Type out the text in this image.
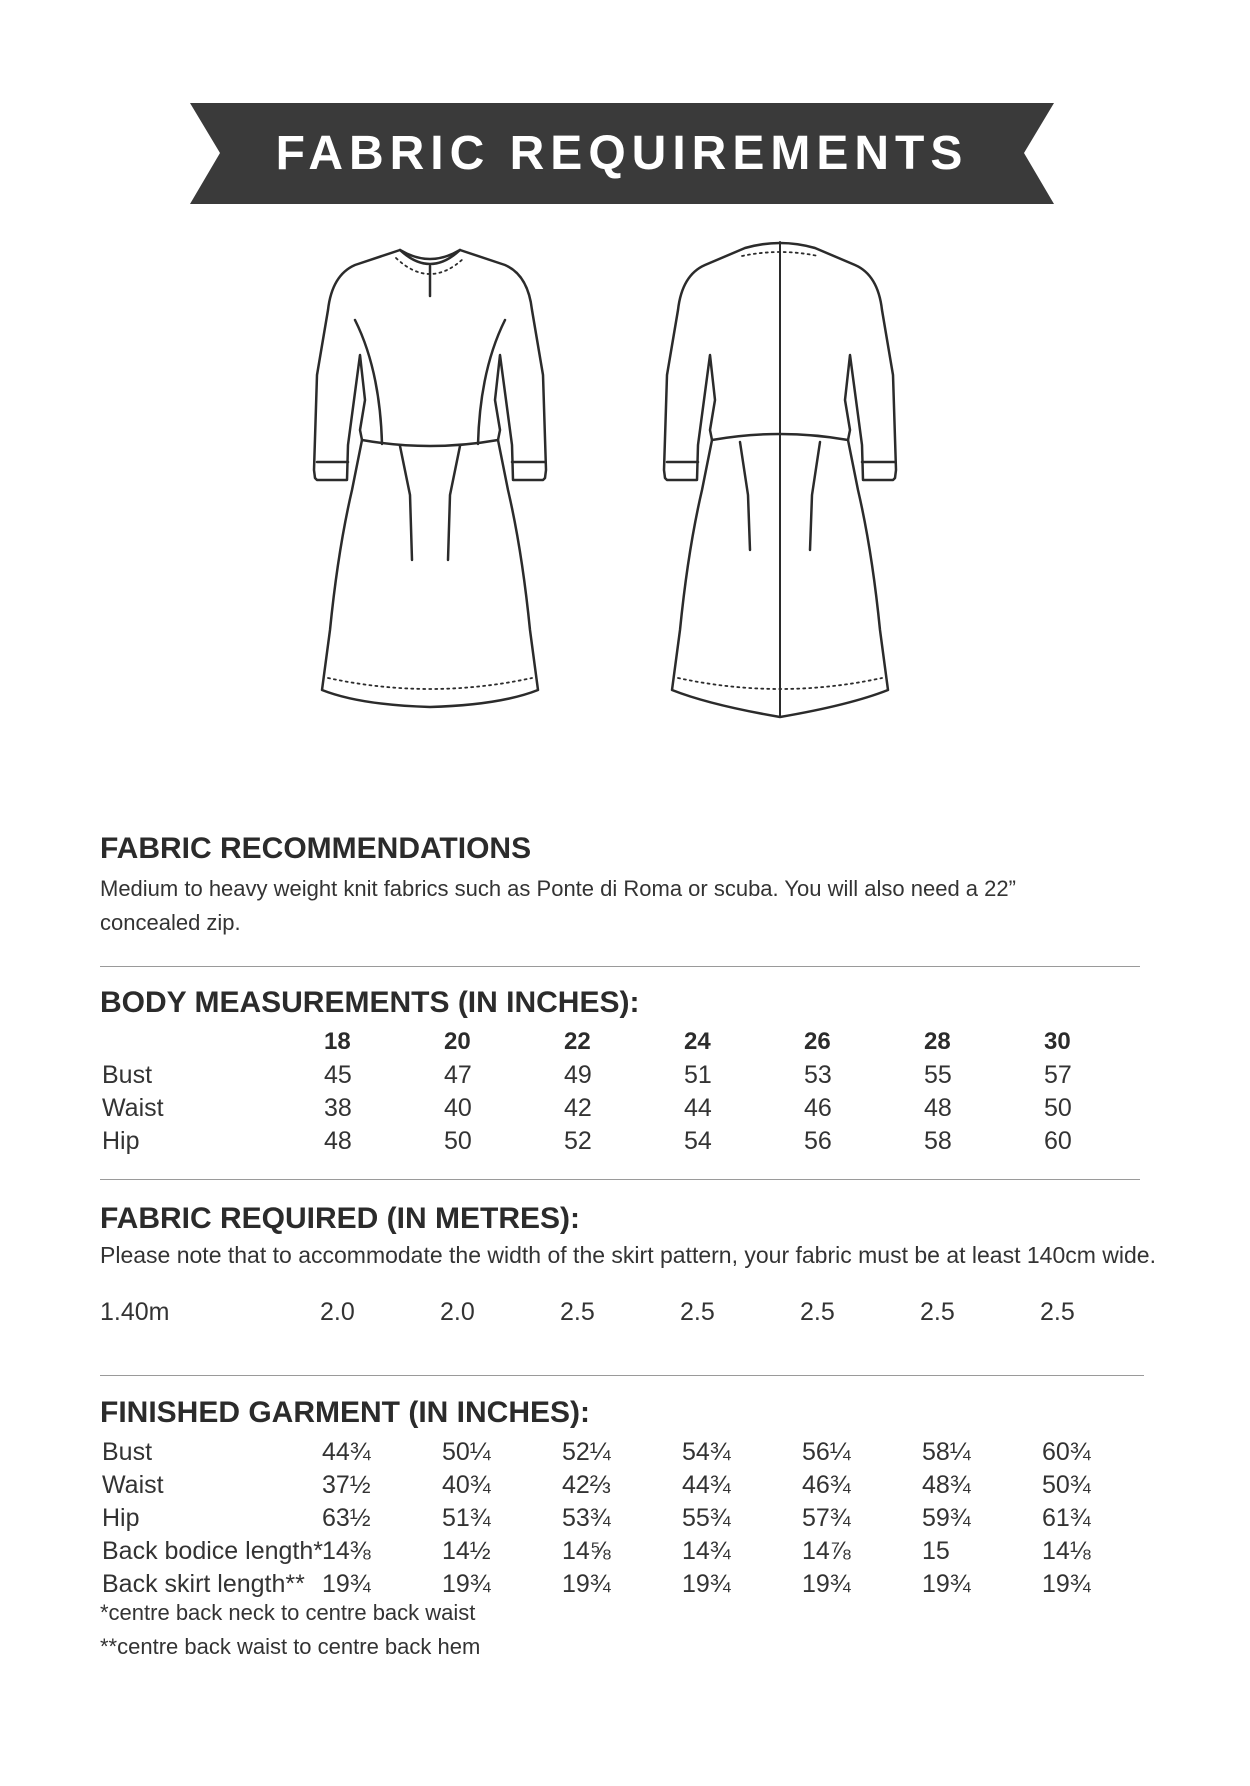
FABRIC REQUIREMENTS
FABRIC RECOMMENDATIONS
Medium to heavy weight knit fabrics such as Ponte di Roma or scuba. You will also need a 22” concealed zip.
BODY MEASUREMENTS (IN INCHES):
18	20	22	24	26	28	30
Bust	45	47	49	51	53	55	57
Waist	38	40	42	44	46	48	50
Hip	48	50	52	54	56	58	60
FABRIC REQUIRED (IN METRES):
Please note that to accommodate the width of the skirt pattern, your fabric must be at least 140cm wide.
1.40m	2.0	2.0	2.5	2.5	2.5	2.5	2.5
FINISHED GARMENT (IN INCHES):
Bust	44¾	50¼	52¼	54¾	56¼	58¼	60¾
Waist	37½	40¾	42⅔	44¾	46¾	48¾	50¾
Hip	63½	51¾	53¾	55¾	57¾	59¾	61¾
Back bodice length* 14⅜	14½	14⅝	14¾	14⅞	15	14⅛
Back skirt length** 19¾	19¾	19¾	19¾	19¾	19¾	19¾
*centre back neck to centre back waist
**centre back waist to centre back hem
